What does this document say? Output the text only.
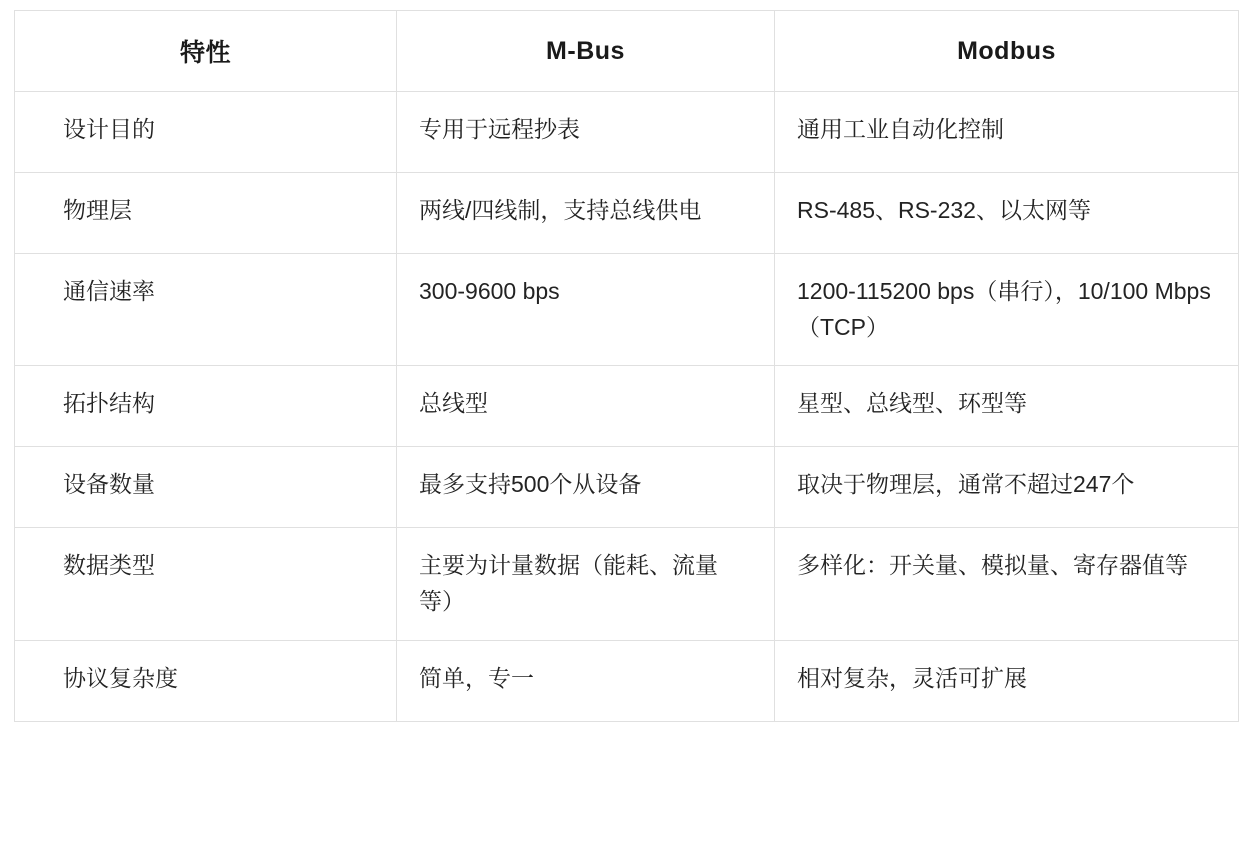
特性	M-Bus	Modbus
设计目的	专用于远程抄表	通用工业自动化控制
物理层	两线/四线制，支持总线供电	RS-485、RS-232、以太网等
通信速率	300-9600 bps	1200-115200 bps（串行），10/100 Mbps（TCP）
拓扑结构	总线型	星型、总线型、环型等
设备数量	最多支持500个从设备	取决于物理层，通常不超过247个
数据类型	主要为计量数据（能耗、流量等）	多样化：开关量、模拟量、寄存器值等
协议复杂度	简单，专一	相对复杂，灵活可扩展
